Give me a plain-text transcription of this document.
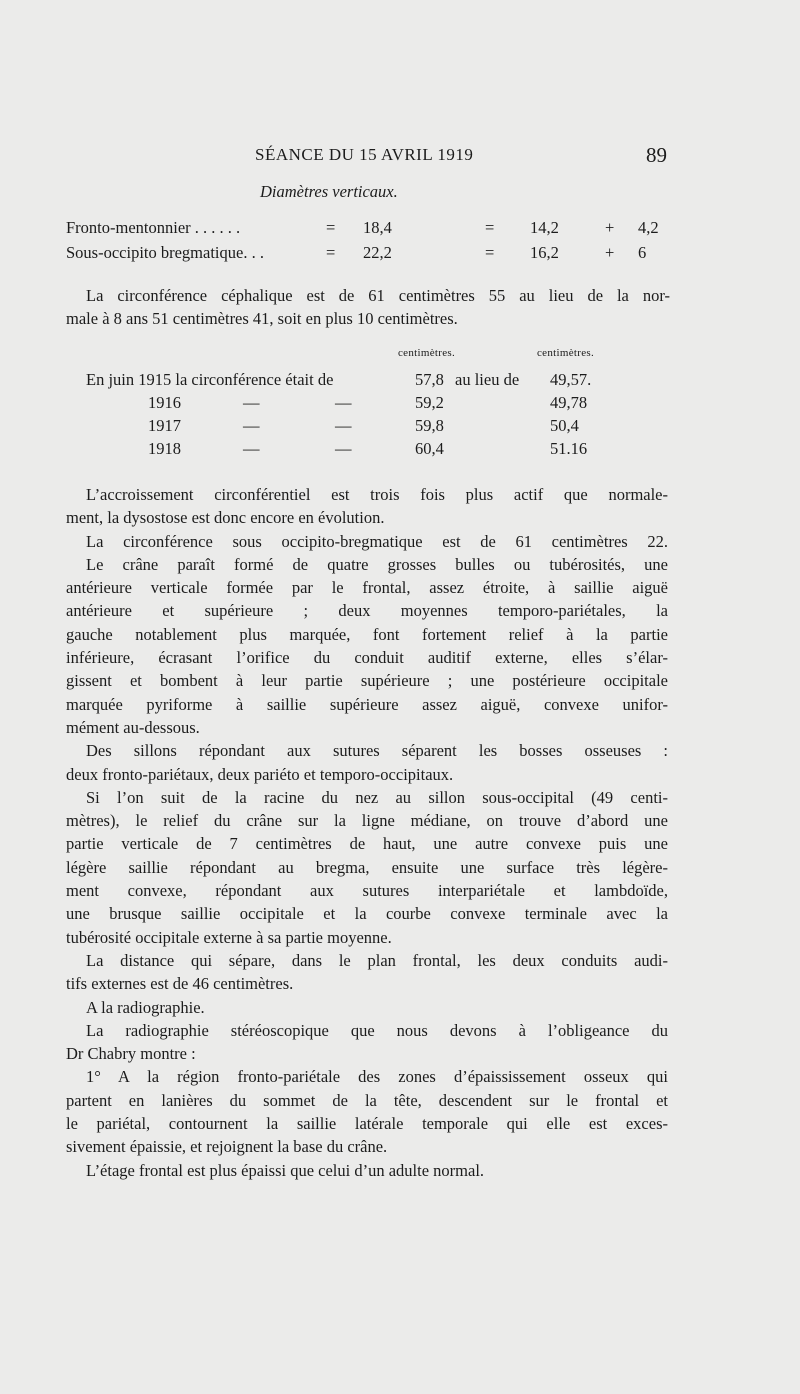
SÉANCE DU 15 AVRIL 1919	89
Diamètres verticaux.
Fronto-mentonnier . . . . . .	= 18,4	= 14,2	+ 4,2
Sous-occipito bregmatique. . .	= 22,2	= 16,2	+ 6
La circonférence céphalique est de 61 centimètres 55 au lieu de la nor-
male à 8 ans 51 centimètres 41, soit en plus 10 centimètres.
centimètres.	centimètres.
En juin 1915 la circonférence était de	57,8 au lieu de 49,57.
1916	—	—	59,2	49,78
1917	—	—	59,8	50,4
1918	—	—	60,4	51.16
L’accroissement circonférentiel est trois fois plus actif que normale-
ment, la dysostose est donc encore en évolution.
La circonférence sous occipito-bregmatique est de 61 centimètres 22.
Le crâne paraît formé de quatre grosses bulles ou tubérosités, une
antérieure verticale formée par le frontal, assez étroite, à saillie aiguë
antérieure et supérieure ; deux moyennes temporo-pariétales, la
gauche notablement plus marquée, font fortement relief à la partie
inférieure, écrasant l’orifice du conduit auditif externe, elles s’élar-
gissent et bombent à leur partie supérieure ; une postérieure occipitale
marquée pyriforme à saillie supérieure assez aiguë, convexe unifor-
mément au-dessous.
Des sillons répondant aux sutures séparent les bosses osseuses :
deux fronto-pariétaux, deux pariéto et temporo-occipitaux.
Si l’on suit de la racine du nez au sillon sous-occipital (49 centi-
mètres), le relief du crâne sur la ligne médiane, on trouve d’abord une
partie verticale de 7 centimètres de haut, une autre convexe puis une
légère saillie répondant au bregma, ensuite une surface très légère-
ment convexe, répondant aux sutures interpariétale et lambdoïde,
une brusque saillie occipitale et la courbe convexe terminale avec la
tubérosité occipitale externe à sa partie moyenne.
La distance qui sépare, dans le plan frontal, les deux conduits audi-
tifs externes est de 46 centimètres.
A la radiographie.
La radiographie stéréoscopique que nous devons à l’obligeance du
Dr Chabry montre :
1° A la région fronto-pariétale des zones d’épaississement osseux qui
partent en lanières du sommet de la tête, descendent sur le frontal et
le pariétal, contournent la saillie latérale temporale qui elle est exces-
sivement épaissie, et rejoignent la base du crâne.
L’étage frontal est plus épaissi que celui d’un adulte normal.
